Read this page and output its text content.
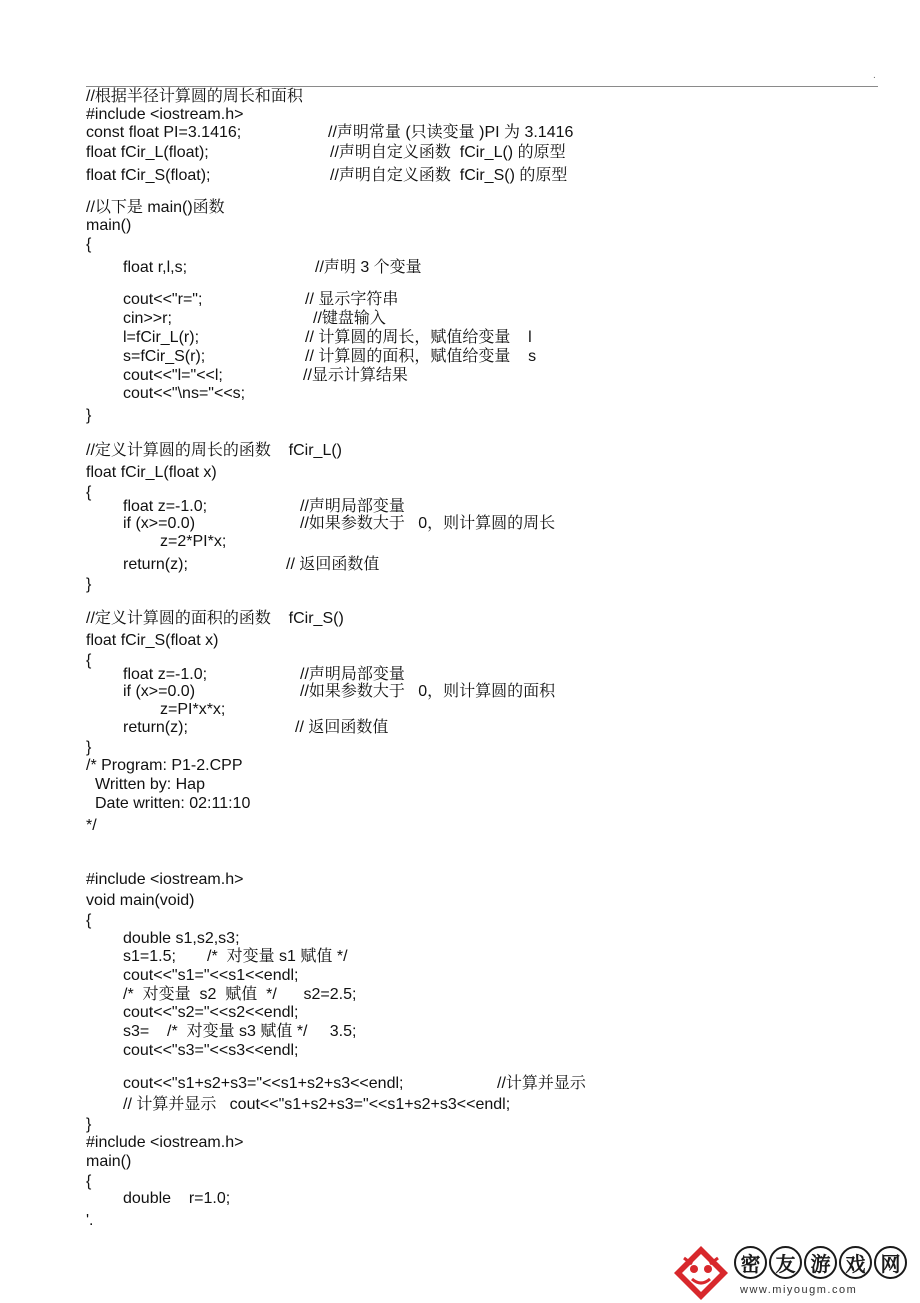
.
//根据半径计算圆的周长和面积
#include <iostream.h>
const float PI=3.1416;	//声明常量 (只读变量 )PI 为 3.1416
float fCir_L(float);	//声明自定义函数  fCir_L() 的原型
float fCir_S(float);	//声明自定义函数  fCir_S() 的原型
//以下是 main()函数
main()
{
float r,l,s;	//声明 3 个变量
cout<<"r=";	// 显示字符串
cin>>r;	//键盘输入
l=fCir_L(r);	// 计算圆的周长，赋值给变量    l
s=fCir_S(r);	// 计算圆的面积，赋值给变量    s
cout<<"l="<<l;	//显示计算结果
cout<<"\ns="<<s;
}
//定义计算圆的周长的函数    fCir_L()
float fCir_L(float x)
{
float z=-1.0;	//声明局部变量
if (x>=0.0)	//如果参数大于   0，则计算圆的周长
z=2*PI*x;
return(z);	// 返回函数值
}
//定义计算圆的面积的函数    fCir_S()
float fCir_S(float x)
{
float z=-1.0;	//声明局部变量
if (x>=0.0)	//如果参数大于   0，则计算圆的面积
z=PI*x*x;
return(z);	// 返回函数值
}
/* Program: P1-2.CPP
Written by: Hap
Date written: 02:11:10
*/
#include <iostream.h>
void main(void)
{
double s1,s2,s3;
s1=1.5;       /*  对变量 s1 赋值 */
cout<<"s1="<<s1<<endl;
/*  对变量  s2  赋值  */      s2=2.5;
cout<<"s2="<<s2<<endl;
s3=    /*  对变量 s3 赋值 */     3.5;
cout<<"s3="<<s3<<endl;
cout<<"s1+s2+s3="<<s1+s2+s3<<endl;	//计算并显示
// 计算并显示   cout<<"s1+s2+s3="<<s1+s2+s3<<endl;
}
#include <iostream.h>
main()
{
double    r=1.0;
'.
密 友 游 戏 网
www.miyougm.com
